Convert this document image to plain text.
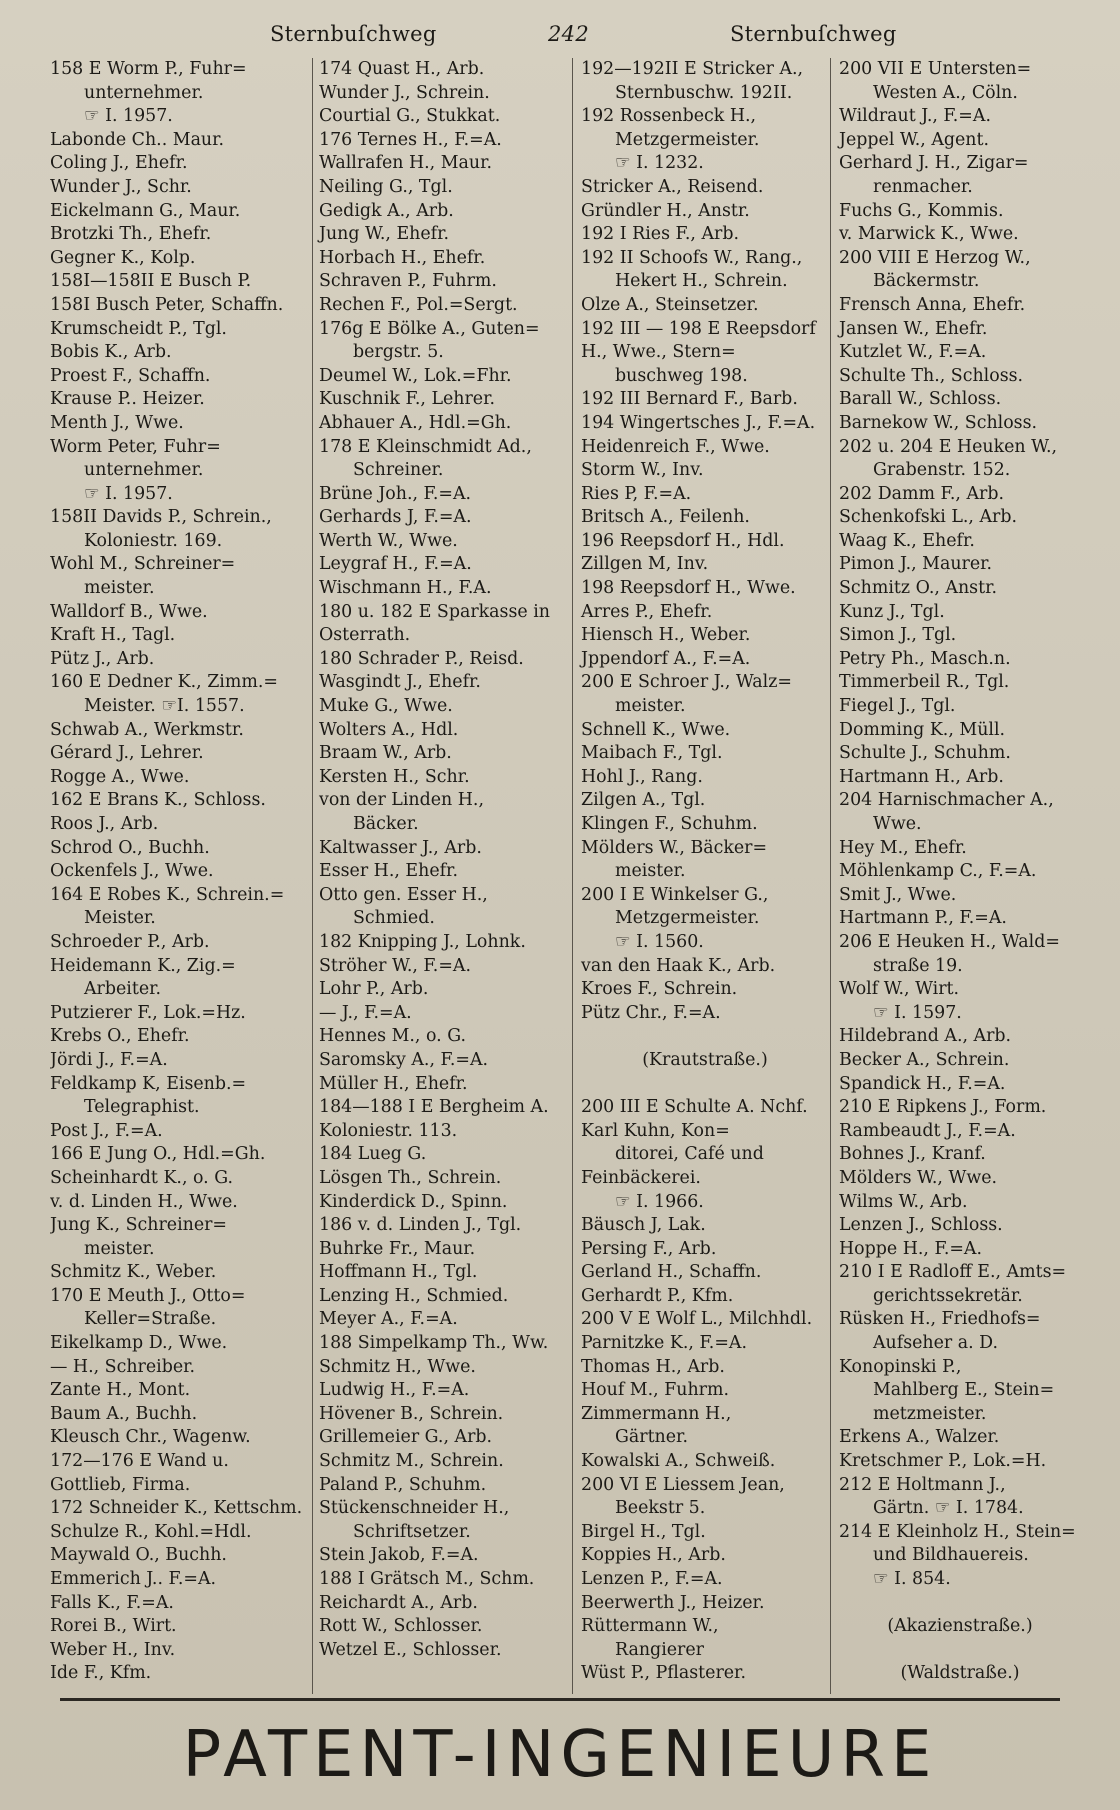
Sternbuſchweg	242	Sternbuſchweg
158 E Worm P., Fuhr=
unternehmer.
☞ I. 1957.
Labonde Ch.. Maur.
Coling J., Ehefr.
Wunder J., Schr.
Eickelmann G., Maur.
Brotzki Th., Ehefr.
Gegner K., Kolp.
158I—158II E Busch P.
158I Busch Peter, Schaffn.
Krumscheidt P., Tgl.
Bobis K., Arb.
Proest F., Schaffn.
Krause P.. Heizer.
Menth J., Wwe.
Worm Peter, Fuhr=
unternehmer.
☞ I. 1957.
158II Davids P., Schrein.,
Koloniestr. 169.
Wohl M., Schreiner=
meister.
Walldorf B., Wwe.
Kraft H., Tagl.
Pütz J., Arb.
160 E Dedner K., Zimm.=
Meister. ☞I. 1557.
Schwab A., Werkmstr.
Gérard J., Lehrer.
Rogge A., Wwe.
162 E Brans K., Schloss.
Roos J., Arb.
Schrod O., Buchh.
Ockenfels J., Wwe.
164 E Robes K., Schrein.=
Meister.
Schroeder P., Arb.
Heidemann K., Zig.=
Arbeiter.
Putzierer F., Lok.=Hz.
Krebs O., Ehefr.
Jördi J., F.=A.
Feldkamp K, Eisenb.=
Telegraphist.
Post J., F.=A.
166 E Jung O., Hdl.=Gh.
Scheinhardt K., o. G.
v. d. Linden H., Wwe.
Jung K., Schreiner=
meister.
Schmitz K., Weber.
170 E Meuth J., Otto=
Keller=Straße.
Eikelkamp D., Wwe.
— H., Schreiber.
Zante H., Mont.
Baum A., Buchh.
Kleusch Chr., Wagenw.
172—176 E Wand u.
Gottlieb, Firma.
172 Schneider K., Kettschm.
Schulze R., Kohl.=Hdl.
Maywald O., Buchh.
Emmerich J.. F.=A.
Falls K., F.=A.
Rorei B., Wirt.
Weber H., Inv.
Ide F., Kfm.
174 Quast H., Arb.
Wunder J., Schrein.
Courtial G., Stukkat.
176 Ternes H., F.=A.
Wallrafen H., Maur.
Neiling G., Tgl.
Gedigk A., Arb.
Jung W., Ehefr.
Horbach H., Ehefr.
Schraven P., Fuhrm.
Rechen F., Pol.=Sergt.
176g E Bölke A., Guten=
bergstr. 5.
Deumel W., Lok.=Fhr.
Kuschnik F., Lehrer.
Abhauer A., Hdl.=Gh.
178 E Kleinschmidt Ad.,
Schreiner.
Brüne Joh., F.=A.
Gerhards J, F.=A.
Werth W., Wwe.
Leygraf H., F.=A.
Wischmann H., F.A.
180 u. 182 E Sparkasse in
Osterrath.
180 Schrader P., Reisd.
Wasgindt J., Ehefr.
Muke G., Wwe.
Wolters A., Hdl.
Braam W., Arb.
Kersten H., Schr.
von der Linden H.,
Bäcker.
Kaltwasser J., Arb.
Esser H., Ehefr.
Otto gen. Esser H.,
Schmied.
182 Knipping J., Lohnk.
Ströher W., F.=A.
Lohr P., Arb.
— J., F.=A.
Hennes M., o. G.
Saromsky A., F.=A.
Müller H., Ehefr.
184—188 I E Bergheim A.
Koloniestr. 113.
184 Lueg G.
Lösgen Th., Schrein.
Kinderdick D., Spinn.
186 v. d. Linden J., Tgl.
Buhrke Fr., Maur.
Hoffmann H., Tgl.
Lenzing H., Schmied.
Meyer A., F.=A.
188 Simpelkamp Th., Ww.
Schmitz H., Wwe.
Ludwig H., F.=A.
Hövener B., Schrein.
Grillemeier G., Arb.
Schmitz M., Schrein.
Paland P., Schuhm.
Stückenschneider H.,
Schriftsetzer.
Stein Jakob, F.=A.
188 I Grätsch M., Schm.
Reichardt A., Arb.
Rott W., Schlosser.
Wetzel E., Schlosser.
192—192II E Stricker A.,
Sternbuschw. 192II.
192 Rossenbeck H.,
Metzgermeister.
☞ I. 1232.
Stricker A., Reisend.
Gründler H., Anstr.
192 I Ries F., Arb.
192 II Schoofs W., Rang.,
Hekert H., Schrein.
Olze A., Steinsetzer.
192 III — 198 E Reepsdorf
H., Wwe., Stern=
buschweg 198.
192 III Bernard F., Barb.
194 Wingertsches J., F.=A.
Heidenreich F., Wwe.
Storm W., Inv.
Ries P, F.=A.
Britsch A., Feilenh.
196 Reepsdorf H., Hdl.
Zillgen M, Inv.
198 Reepsdorf H., Wwe.
Arres P., Ehefr.
Hiensch H., Weber.
Jppendorf A., F.=A.
200 E Schroer J., Walz=
meister.
Schnell K., Wwe.
Maibach F., Tgl.
Hohl J., Rang.
Zilgen A., Tgl.
Klingen F., Schuhm.
Mölders W., Bäcker=
meister.
200 I E Winkelser G.,
Metzgermeister.
☞ I. 1560.
van den Haak K., Arb.
Kroes F., Schrein.
Pütz Chr., F.=A.

(Krautstraße.)

200 III E Schulte A. Nchf.
Karl Kuhn, Kon=
ditorei, Café und
Feinbäckerei.
☞ I. 1966.
Bäusch J, Lak.
Persing F., Arb.
Gerland H., Schaffn.
Gerhardt P., Kfm.
200 V E Wolf L., Milchhdl.
Parnitzke K., F.=A.
Thomas H., Arb.
Houf M., Fuhrm.
Zimmermann H.,
Gärtner.
Kowalski A., Schweiß.
200 VI E Liessem Jean,
Beekstr 5.
Birgel H., Tgl.
Koppies H., Arb.
Lenzen P., F.=A.
Beerwerth J., Heizer.
Rüttermann W.,
Rangierer
Wüst P., Pflasterer.
200 VII E Untersten=
Westen A., Cöln.
Wildraut J., F.=A.
Jeppel W., Agent.
Gerhard J. H., Zigar=
renmacher.
Fuchs G., Kommis.
v. Marwick K., Wwe.
200 VIII E Herzog W.,
Bäckermstr.
Frensch Anna, Ehefr.
Jansen W., Ehefr.
Kutzlet W., F.=A.
Schulte Th., Schloss.
Barall W., Schloss.
Barnekow W., Schloss.
202 u. 204 E Heuken W.,
Grabenstr. 152.
202 Damm F., Arb.
Schenkofski L., Arb.
Waag K., Ehefr.
Pimon J., Maurer.
Schmitz O., Anstr.
Kunz J., Tgl.
Simon J., Tgl.
Petry Ph., Masch.n.
Timmerbeil R., Tgl.
Fiegel J., Tgl.
Domming K., Müll.
Schulte J., Schuhm.
Hartmann H., Arb.
204 Harnischmacher A.,
Wwe.
Hey M., Ehefr.
Möhlenkamp C., F.=A.
Smit J., Wwe.
Hartmann P., F.=A.
206 E Heuken H., Wald=
straße 19.
Wolf W., Wirt.
☞ I. 1597.
Hildebrand A., Arb.
Becker A., Schrein.
Spandick H., F.=A.
210 E Ripkens J., Form.
Rambeaudt J., F.=A.
Bohnes J., Kranf.
Mölders W., Wwe.
Wilms W., Arb.
Lenzen J., Schloss.
Hoppe H., F.=A.
210 I E Radloff E., Amts=
gerichtssekretär.
Rüsken H., Friedhofs=
Aufseher a. D.
Konopinski P.,
Mahlberg E., Stein=
metzmeister.
Erkens A., Walzer.
Kretschmer P., Lok.=H.
212 E Holtmann J.,
Gärtn. ☞ I. 1784.
214 E Kleinholz H., Stein=
und Bildhauereis.
☞ I. 854.

(Akazienstraße.)

(Waldstraße.)
PATENT-INGENIEURE
